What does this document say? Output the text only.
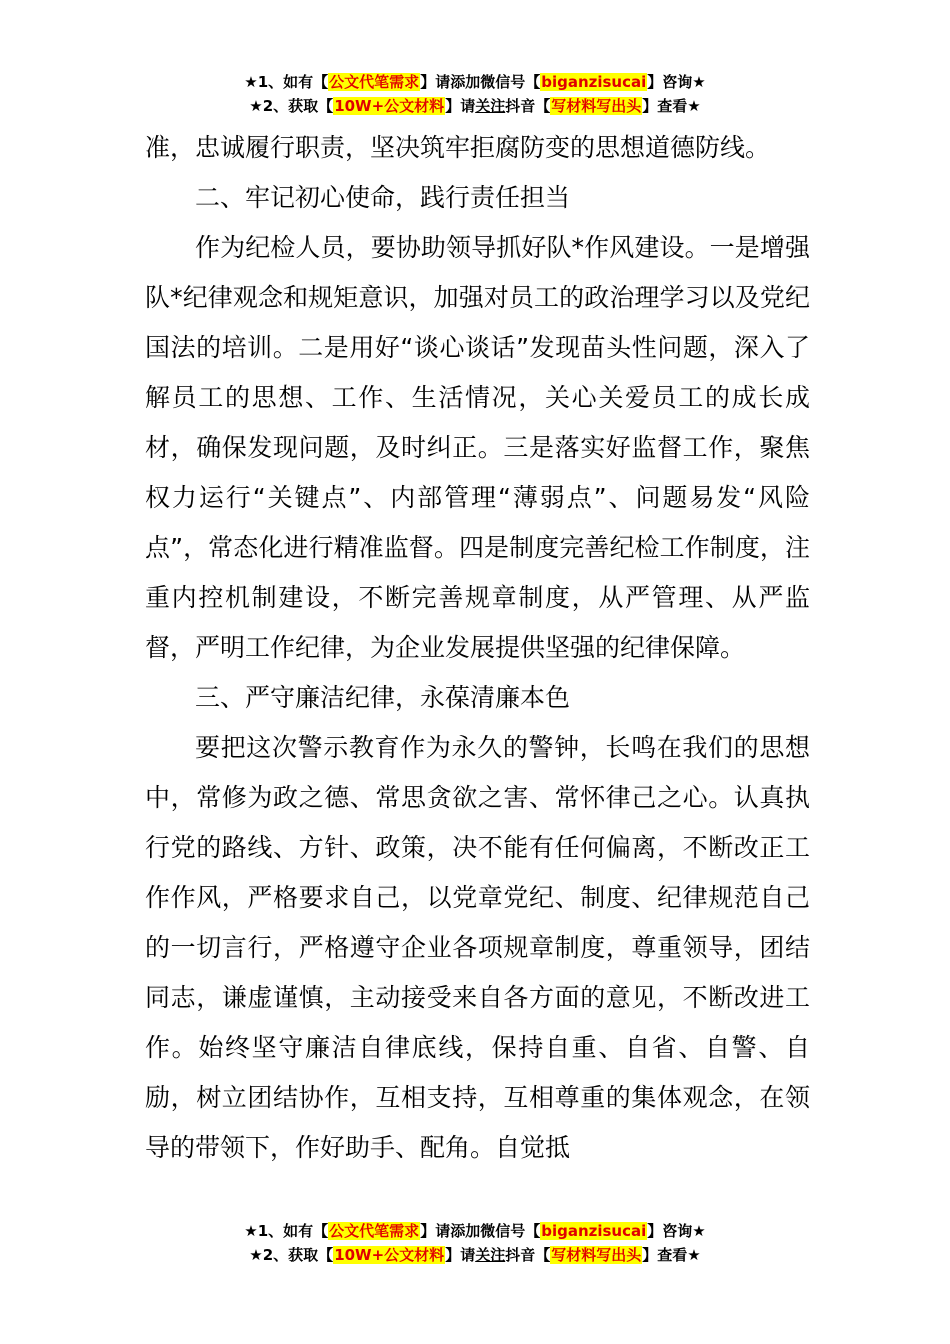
★1、如有【公文代笔需求】请添加微信号【biganzisucai】咨询★
★2、获取【10W+公文材料】请关注抖音【写材料写出头】查看★

准，忠诚履行职责，坚决筑牢拒腐防变的思想道德防线。

二、牢记初心使命，践行责任担当

作为纪检人员，要协助领导抓好队*作风建设。一是增强队*纪律观念和规矩意识，加强对员工的政治理学习以及党纪国法的培训。二是用好“谈心谈话”发现苗头性问题，深入了解员工的思想、工作、生活情况，关心关爱员工的成长成材，确保发现问题，及时纠正。三是落实好监督工作，聚焦权力运行“关键点”、内部管理“薄弱点”、问题易发“风险点”，常态化进行精准监督。四是制度完善纪检工作制度，注重内控机制建设，不断完善规章制度，从严管理、从严监督，严明工作纪律，为企业发展提供坚强的纪律保障。

三、严守廉洁纪律，永葆清廉本色

要把这次警示教育作为永久的警钟，长鸣在我们的思想中，常修为政之德、常思贪欲之害、常怀律己之心。认真执行党的路线、方针、政策，决不能有任何偏离，不断改正工作作风，严格要求自己，以党章党纪、制度、纪律规范自己的一切言行，严格遵守企业各项规章制度，尊重领导，团结同志，谦虚谨慎，主动接受来自各方面的意见，不断改进工作。始终坚守廉洁自律底线，保持自重、自省、自警、自励，树立团结协作，互相支持，互相尊重的集体观念，在领导的带领下，作好助手、配角。自觉抵

★1、如有【公文代笔需求】请添加微信号【biganzisucai】咨询★
★2、获取【10W+公文材料】请关注抖音【写材料写出头】查看★
